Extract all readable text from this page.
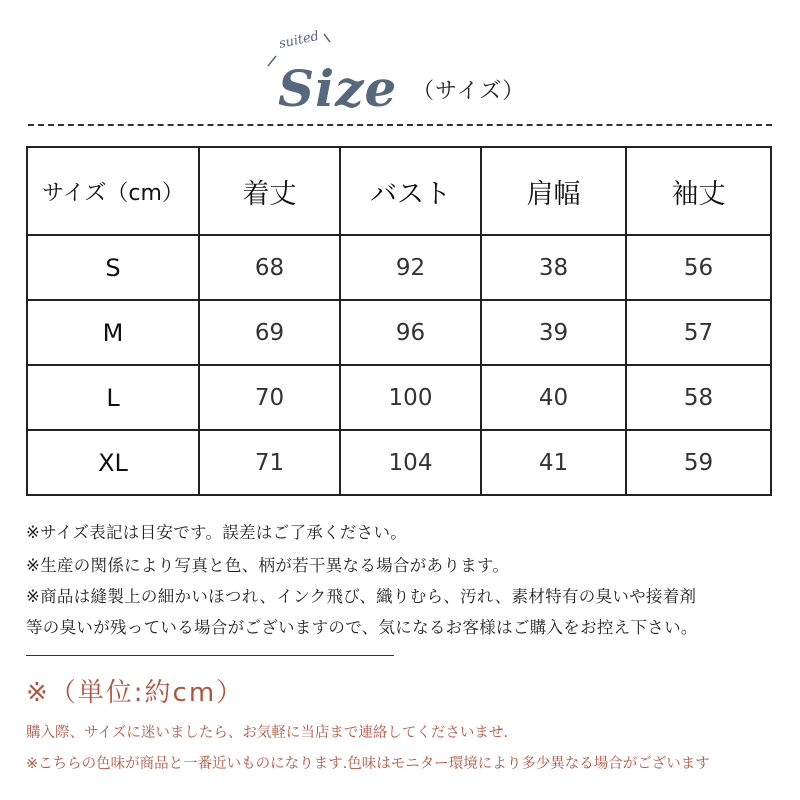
suited
Size （サイズ）
サイズ（cm）	着丈	バスト	肩幅	袖丈
S	68	92	38	56
M	69	96	39	57
L	70	100	40	58
XL	71	104	41	59
※サイズ表記は目安です。誤差はご了承ください。
※生産の関係により写真と色、柄が若干異なる場合があります。
※商品は縫製上の細かいほつれ、インク飛び、織りむら、汚れ、素材特有の臭いや接着剤
等の臭いが残っている場合がございますので、気になるお客様はご購入をお控え下さい。
※（単位:約cm）
購入際、サイズに迷いましたら、お気軽に当店まで連絡してくださいませ.
※こちらの色味が商品と一番近いものになります.色味はモニター環境により多少異なる場合がございます
